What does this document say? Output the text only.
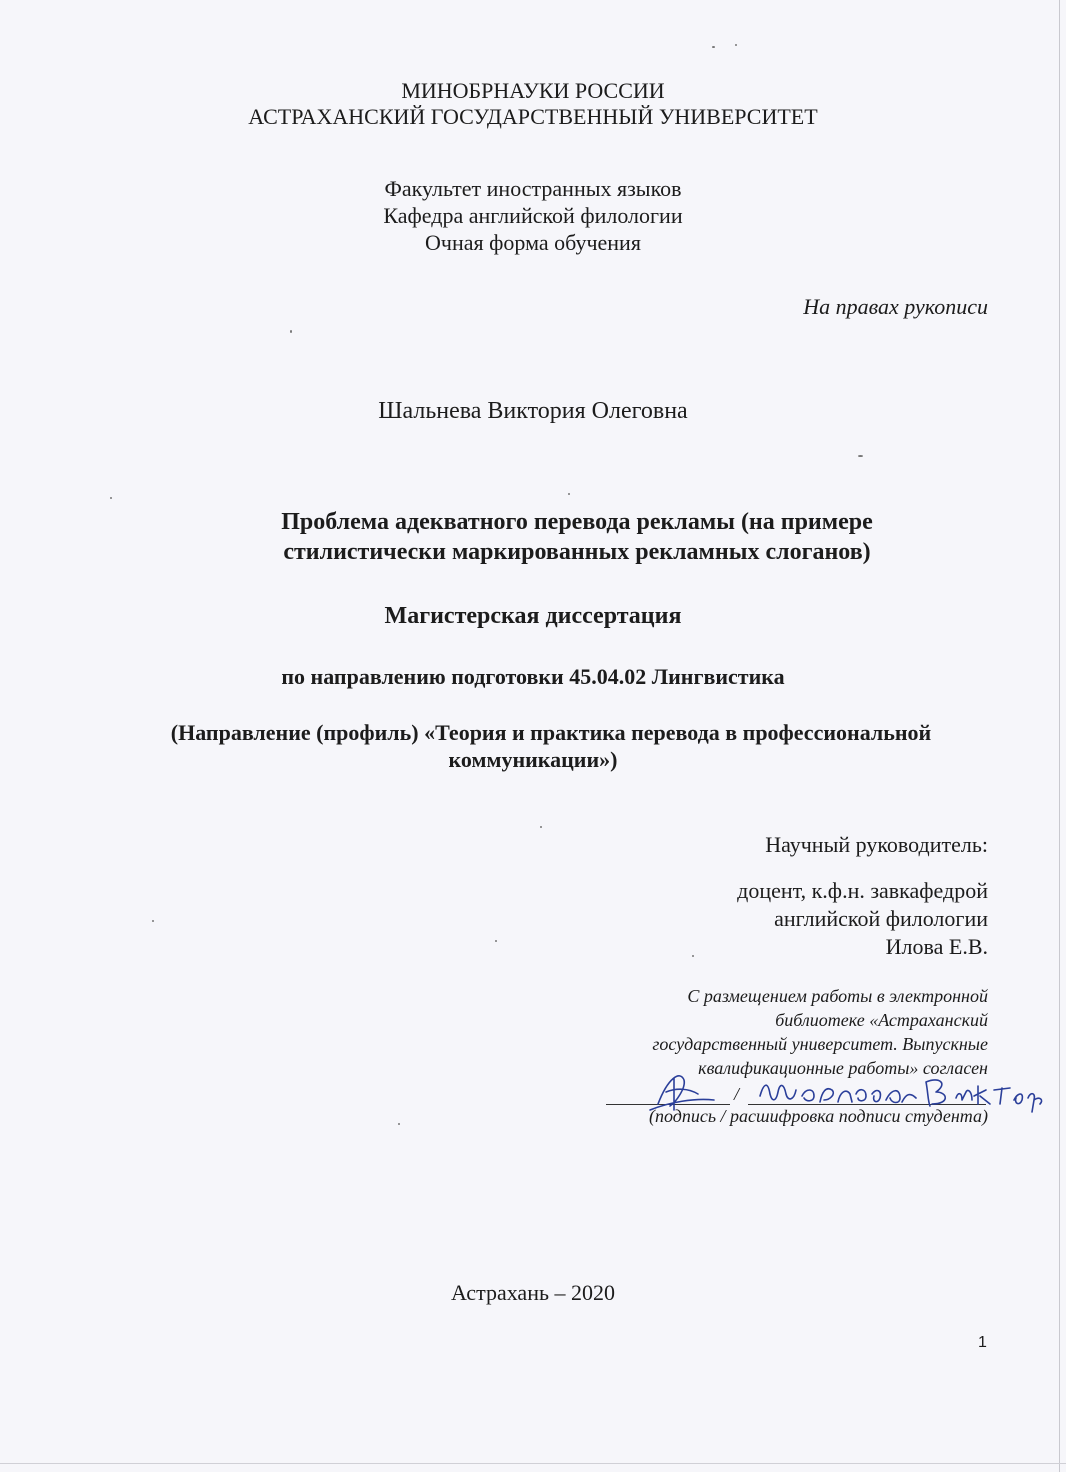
МИНОБРНАУКИ РОССИИ
АСТРАХАНСКИЙ ГОСУДАРСТВЕННЫЙ УНИВЕРСИТЕТ
Факультет иностранных языков
Кафедра английской филологии
Очная форма обучения
На правах рукописи
Шальнева Виктория Олеговна
Проблема адекватного перевода рекламы (на примере
стилистически маркированных рекламных слоганов)
Магистерская диссертация
по направлению подготовки 45.04.02 Лингвистика
(Направление (профиль) «Теория и практика перевода в профессиональной
коммуникации»)
Научный руководитель:
доцент, к.ф.н. завкафедрой
английской филологии
Илова Е.В.
С размещением работы в электронной
библиотеке «Астраханский
государственный университет. Выпускные
квалификационные работы» согласен
/
(подпись / расшифровка подписи студента)
Астрахань – 2020
1
